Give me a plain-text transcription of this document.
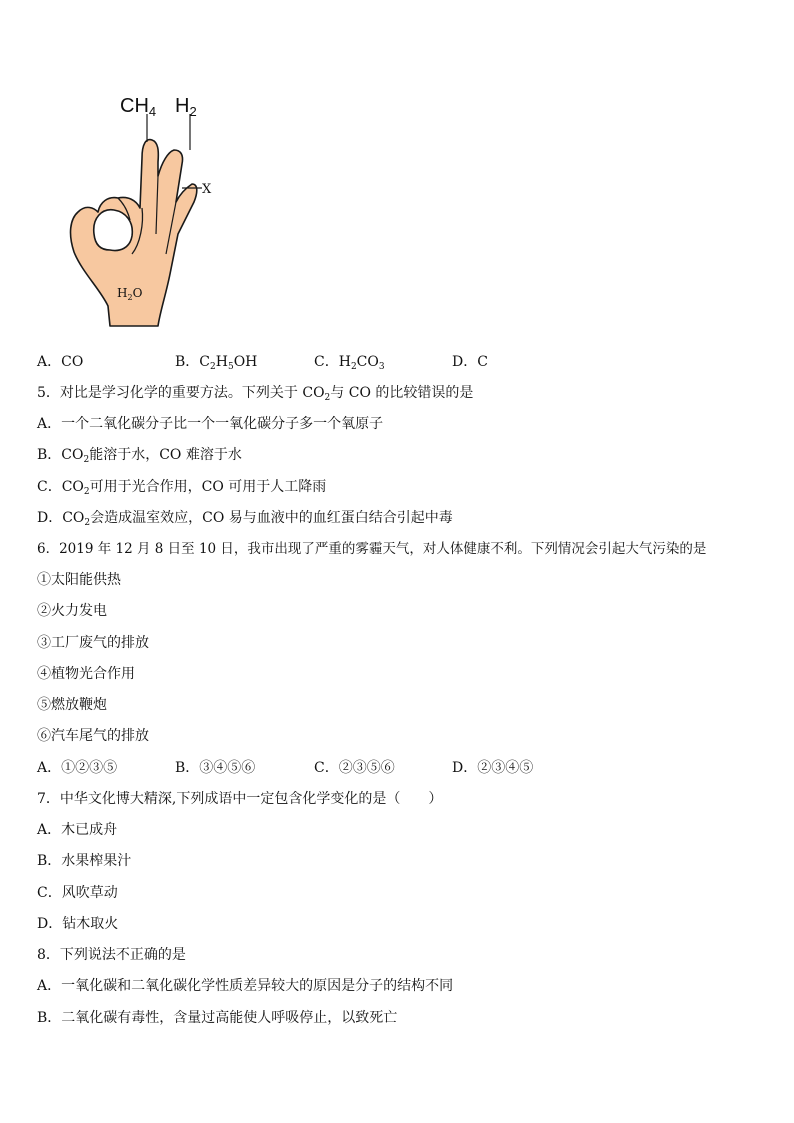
$CH_4$ $H_2$
X
$H_2O$
A．CO	B．$C_2H_5OH$	C．$H_2CO_3$	D．C
5．对比是学习化学的重要方法。下列关于 $CO_2$与 CO 的比较错误的是
A．一个二氧化碳分子比一个一氧化碳分子多一个氧原子
B．$CO_2$能溶于水，CO 难溶于水
C．$CO_2$可用于光合作用，CO 可用于人工降雨
D．$CO_2$会造成温室效应，CO 易与血液中的血红蛋白结合引起中毒
6．2019 年 12 月 8 日至 10 日，我市出现了严重的雾霾天气，对人体健康不利。下列情况会引起大气污染的是
①太阳能供热
②火力发电
③工厂废气的排放
④植物光合作用
⑤燃放鞭炮
⑥汽车尾气的排放
A．①②③⑤	B．③④⑤⑥	C．②③⑤⑥	D．②③④⑤
7．中华文化博大精深,下列成语中一定包含化学变化的是（　　）
A．木已成舟
B．水果榨果汁
C．风吹草动
D．钻木取火
8．下列说法不正确的是
A．一氧化碳和二氧化碳化学性质差异较大的原因是分子的结构不同
B．二氧化碳有毒性，含量过高能使人呼吸停止，以致死亡
